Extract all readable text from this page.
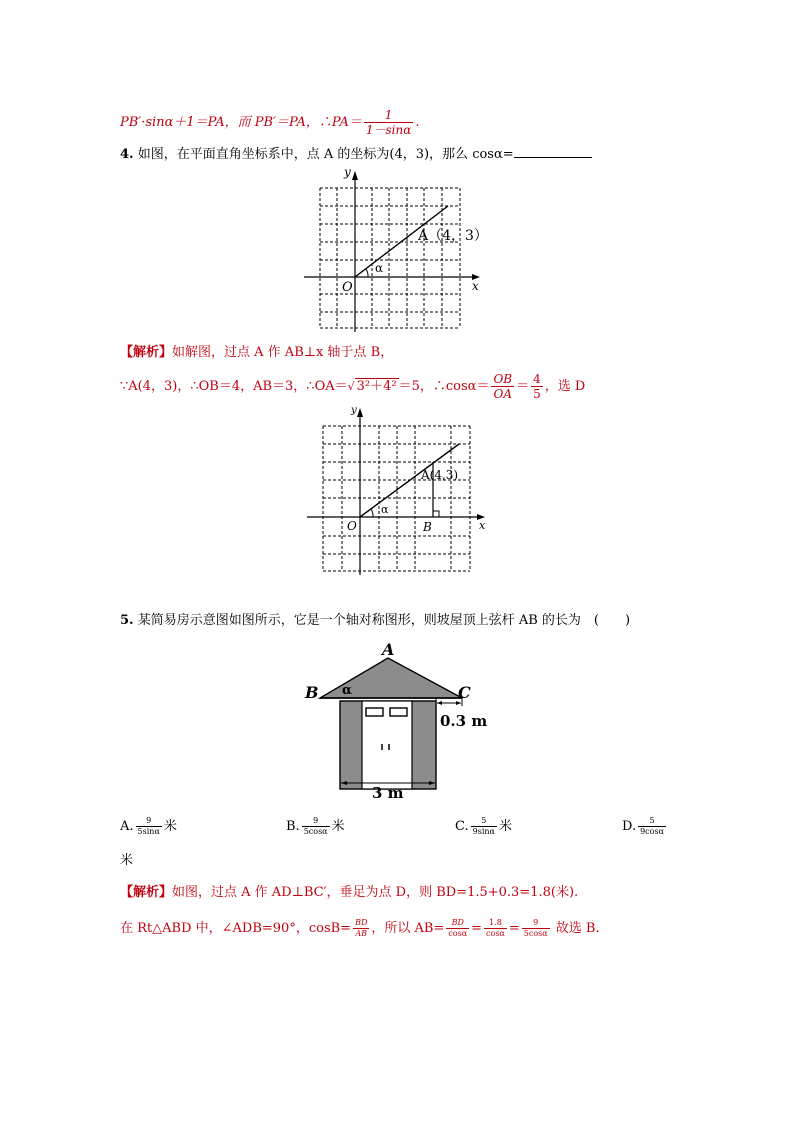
PB′·sinα＋1＝PA，而 PB′＝PA，∴PA＝ $\frac{1}{1-\sin\alpha}$ .
4. 如图，在平面直角坐标系中，点 A 的坐标为(4，3)，那么 cosα=
y
x
O
α
A（4，3）
【解析】如解图，过点 A 作 AB⊥x 轴于点 B，
∵A(4，3)，∴OB＝4，AB＝3，∴OA＝√ 3²＋4² ＝5，∴cosα＝ $\frac{OB}{OA} = \frac{4}{5}$ ，选 D
y
x
O
α
A(4,3)
B
5. 某简易房示意图如图所示，它是一个轴对称图形，则坡屋顶上弦杆 AB 的长为　(　　)
A
B	C
α
0.3 m
3 m
A. $\frac{9}{5\sin\alpha}$ 米	B. $\frac{9}{5\cos\alpha}$ 米	C. $\frac{5}{9\sin\alpha}$ 米	D. $\frac{5}{9\cos\alpha}$
米
【解析】如图，过点 A 作 AD⊥BC′，垂足为点 D，则 BD=1.5+0.3=1.8(米).
在 Rt△ABD 中，∠ADB=90°，$\cos B= \frac{BD}{AB}$ ，所以 $AB= \frac{BD}{\cos\alpha} = \frac{1.8}{\cos\alpha} = \frac{9}{5\cos\alpha}$ 故选 B.
